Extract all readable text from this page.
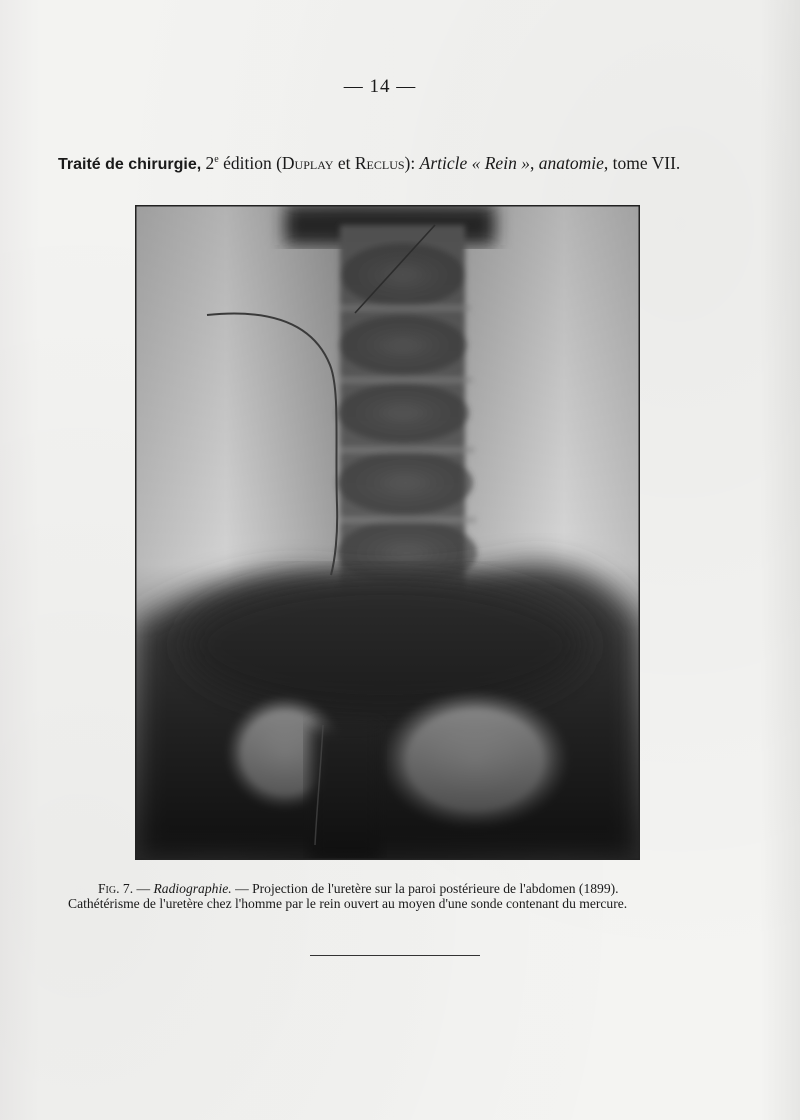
— 14 —
Traité de chirurgie, 2e édition (Duplay et Reclus): Article « Rein », anatomie, tome VII.
Fig. 7. — Radiographie. — Projection de l'uretère sur la paroi postérieure de l'abdomen (1899).
Cathétérisme de l'uretère chez l'homme par le rein ouvert au moyen d'une sonde contenant du mercure.
